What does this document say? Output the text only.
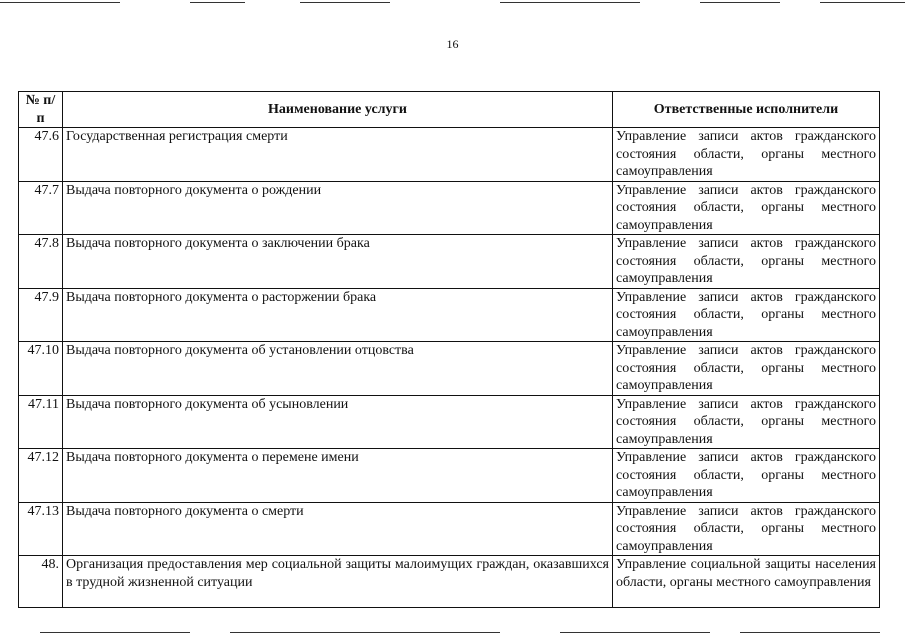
16
№ п/п	Наименование услуги	Ответственные исполнители
47.6	Государственная регистрация смерти	Управление записи актов гражданского состояния области, органы местного самоуправления
47.7	Выдача повторного документа о рождении	Управление записи актов гражданского состояния области, органы местного самоуправления
47.8	Выдача повторного документа о заключении брака	Управление записи актов гражданского состояния области, органы местного самоуправления
47.9	Выдача повторного документа о расторжении брака	Управление записи актов гражданского состояния области, органы местного самоуправления
47.10	Выдача повторного документа об установлении отцовства	Управление записи актов гражданского состояния области, органы местного самоуправления
47.11	Выдача повторного документа об усыновлении	Управление записи актов гражданского состояния области, органы местного самоуправления
47.12	Выдача повторного документа о перемене имени	Управление записи актов гражданского состояния области, органы местного самоуправления
47.13	Выдача повторного документа о смерти	Управление записи актов гражданского состояния области, органы местного самоуправления
48.	Организация предоставления мер социальной защиты малоимущих граждан, оказавшихся в трудной жизненной ситуации	Управление социальной защиты населения области, органы местного самоуправления
